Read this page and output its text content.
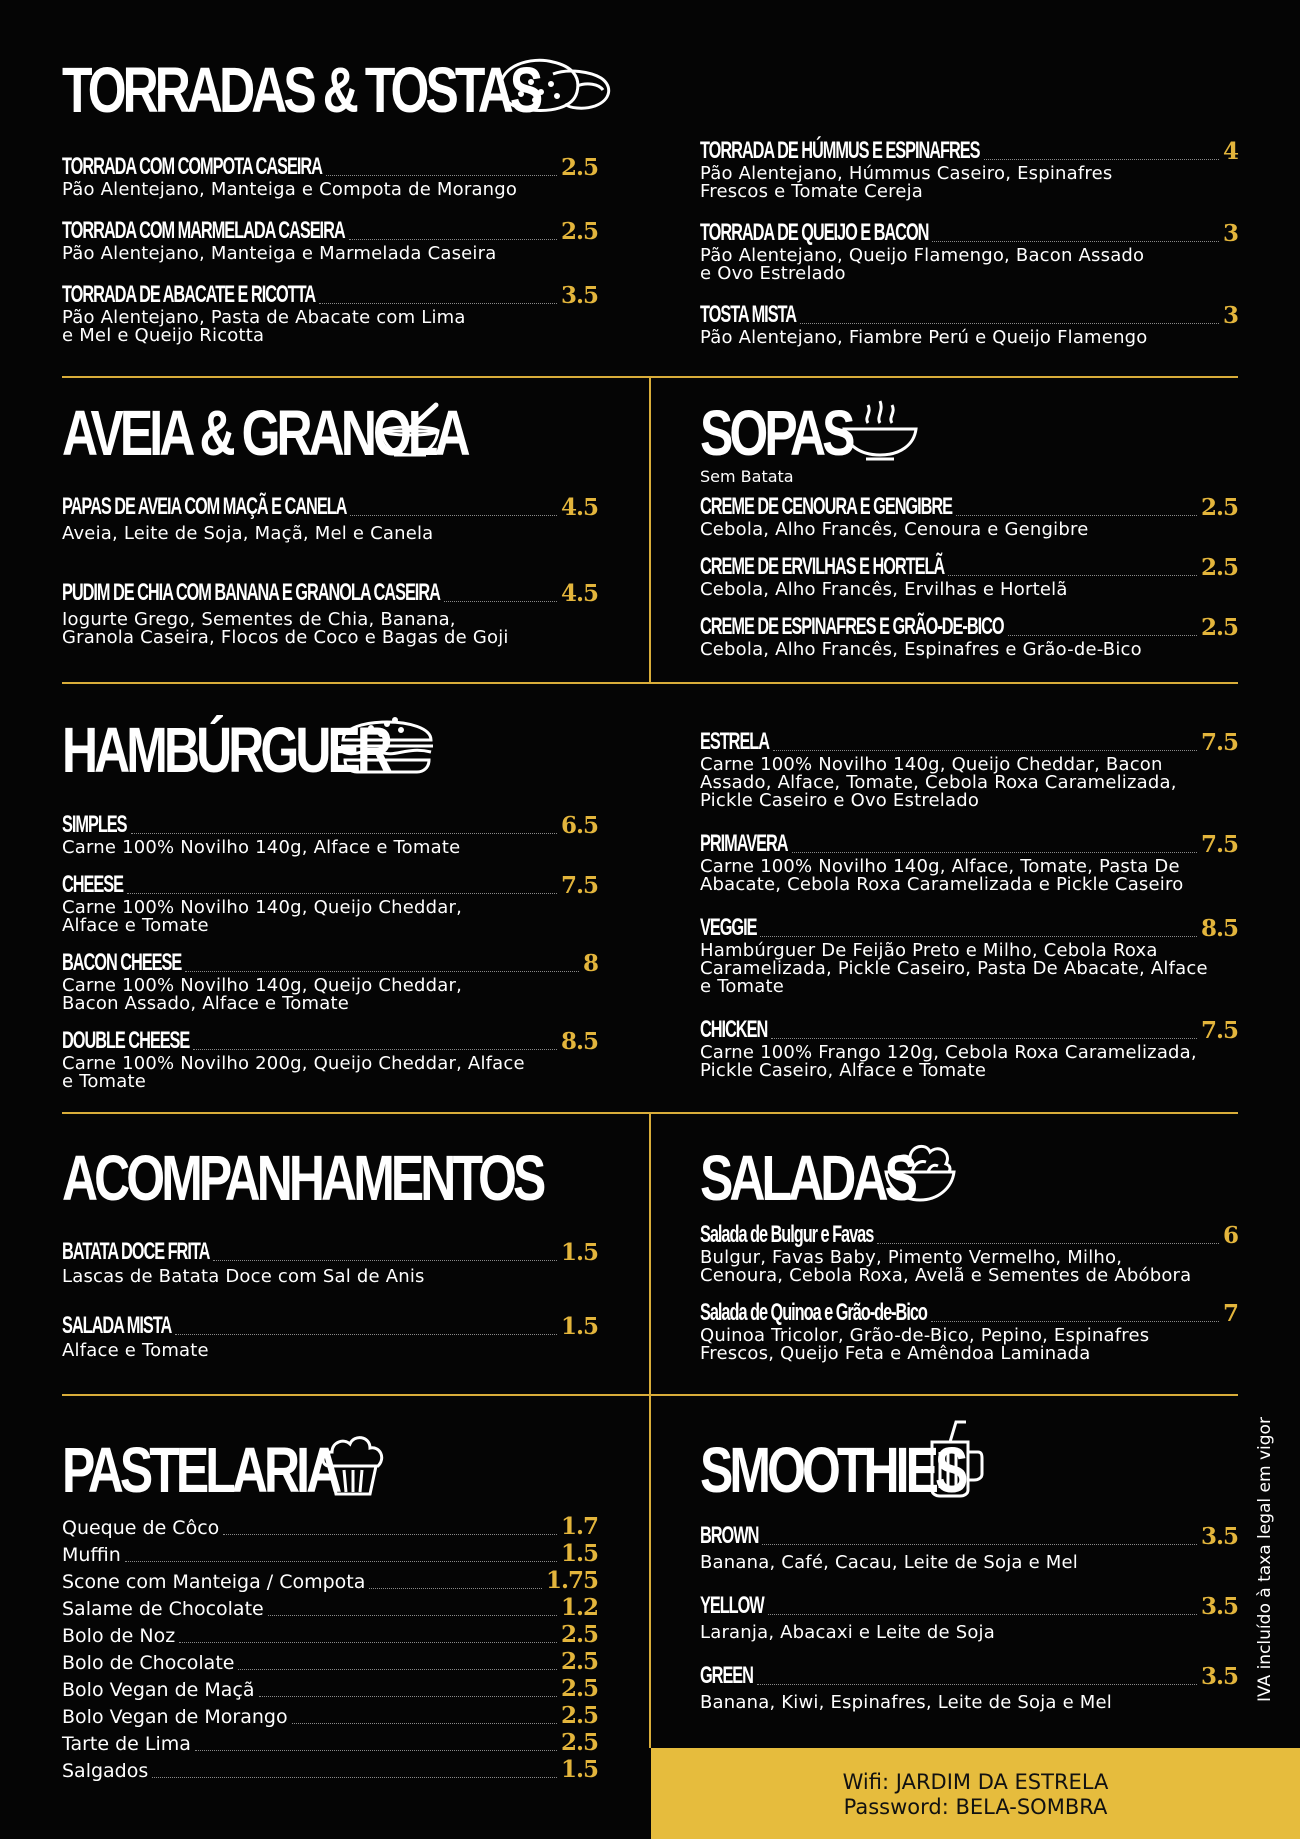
TORRADAS & TOSTAS
TORRADA COM COMPOTA CASEIRA	2.5
Pão Alentejano, Manteiga e Compota de Morango
TORRADA COM MARMELADA CASEIRA	2.5
Pão Alentejano, Manteiga e Marmelada Caseira
TORRADA DE ABACATE E RICOTTA	3.5
Pão Alentejano, Pasta de Abacate com Lima
e Mel e Queijo Ricotta
TORRADA DE HÚMMUS E ESPINAFRES	4
Pão Alentejano, Húmmus Caseiro, Espinafres
Frescos e Tomate Cereja
TORRADA DE QUEIJO E BACON	3
Pão Alentejano, Queijo Flamengo, Bacon Assado
e Ovo Estrelado
TOSTA MISTA	3
Pão Alentejano, Fiambre Perú e Queijo Flamengo
AVEIA & GRANOLA
PAPAS DE AVEIA COM MAÇÃ E CANELA	4.5
Aveia, Leite de Soja, Maçã, Mel e Canela
PUDIM DE CHIA COM BANANA E GRANOLA CASEIRA	4.5
Iogurte Grego, Sementes de Chia, Banana,
Granola Caseira, Flocos de Coco e Bagas de Goji
SOPAS
Sem Batata
CREME DE CENOURA E GENGIBRE	2.5
Cebola, Alho Francês, Cenoura e Gengibre
CREME DE ERVILHAS E HORTELÃ	2.5
Cebola, Alho Francês, Ervilhas e Hortelã
CREME DE ESPINAFRES E GRÃO-DE-BICO	2.5
Cebola, Alho Francês, Espinafres e Grão-de-Bico
HAMBÚRGUER
SIMPLES	6.5
Carne 100% Novilho 140g, Alface e Tomate
CHEESE	7.5
Carne 100% Novilho 140g, Queijo Cheddar,
Alface e Tomate
BACON CHEESE	8
Carne 100% Novilho 140g, Queijo Cheddar,
Bacon Assado, Alface e Tomate
DOUBLE CHEESE	8.5
Carne 100% Novilho 200g, Queijo Cheddar, Alface
e Tomate
ESTRELA	7.5
Carne 100% Novilho 140g, Queijo Cheddar, Bacon
Assado, Alface, Tomate, Cebola Roxa Caramelizada,
Pickle Caseiro e Ovo Estrelado
PRIMAVERA	7.5
Carne 100% Novilho 140g, Alface, Tomate, Pasta De
Abacate, Cebola Roxa Caramelizada e Pickle Caseiro
VEGGIE	8.5
Hambúrguer De Feijão Preto e Milho, Cebola Roxa
Caramelizada, Pickle Caseiro, Pasta De Abacate, Alface
e Tomate
CHICKEN	7.5
Carne 100% Frango 120g, Cebola Roxa Caramelizada,
Pickle Caseiro, Alface e Tomate
ACOMPANHAMENTOS
BATATA DOCE FRITA	1.5
Lascas de Batata Doce com Sal de Anis
SALADA MISTA	1.5
Alface e Tomate
SALADAS
Salada de Bulgur e Favas	6
Bulgur, Favas Baby, Pimento Vermelho, Milho,
Cenoura, Cebola Roxa, Avelã e Sementes de Abóbora
Salada de Quinoa e Grão-de-Bico	7
Quinoa Tricolor, Grão-de-Bico, Pepino, Espinafres
Frescos, Queijo Feta e Amêndoa Laminada
PASTELARIA
Queque de Côco	1.7
Muffin	1.5
Scone com Manteiga / Compota	1.75
Salame de Chocolate	1.2
Bolo de Noz	2.5
Bolo de Chocolate	2.5
Bolo Vegan de Maçã	2.5
Bolo Vegan de Morango	2.5
Tarte de Lima	2.5
Salgados	1.5
SMOOTHIES
BROWN	3.5
Banana, Café, Cacau, Leite de Soja e Mel
YELLOW	3.5
Laranja, Abacaxi e Leite de Soja
GREEN	3.5
Banana, Kiwi, Espinafres, Leite de Soja e Mel
Wifi: JARDIM DA ESTRELA
Password: BELA-SOMBRA
IVA incluído à taxa legal em vigor
